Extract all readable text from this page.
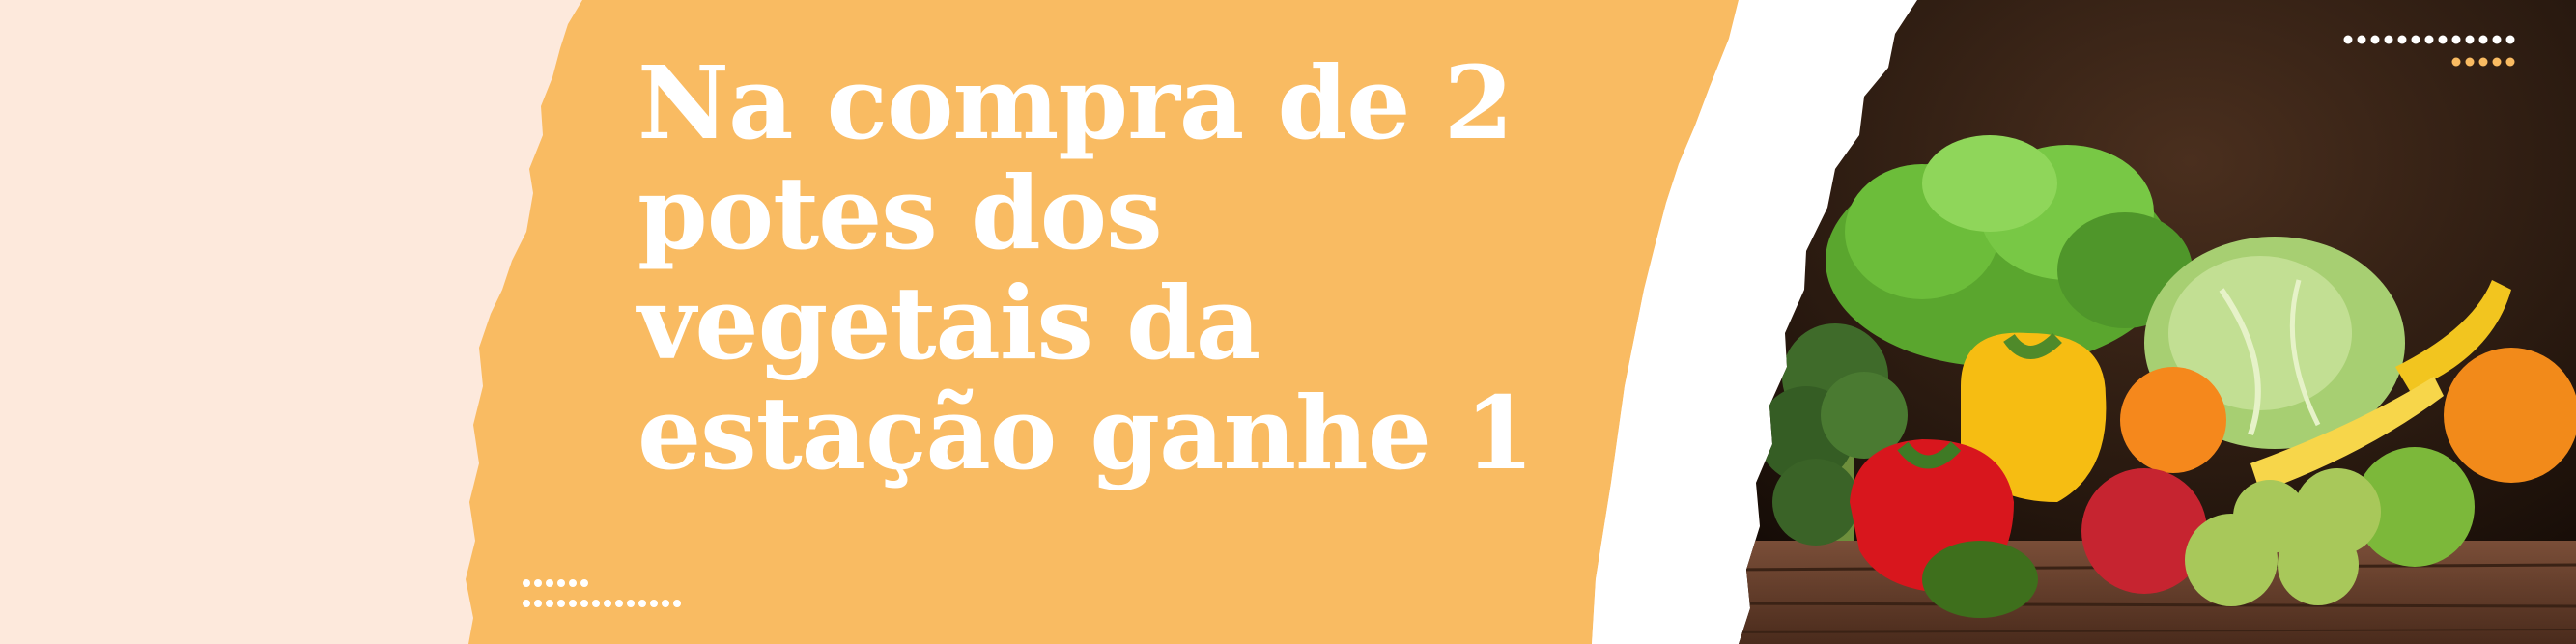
Na compra de 2
potes dos
vegetais da
estação ganhe 1
